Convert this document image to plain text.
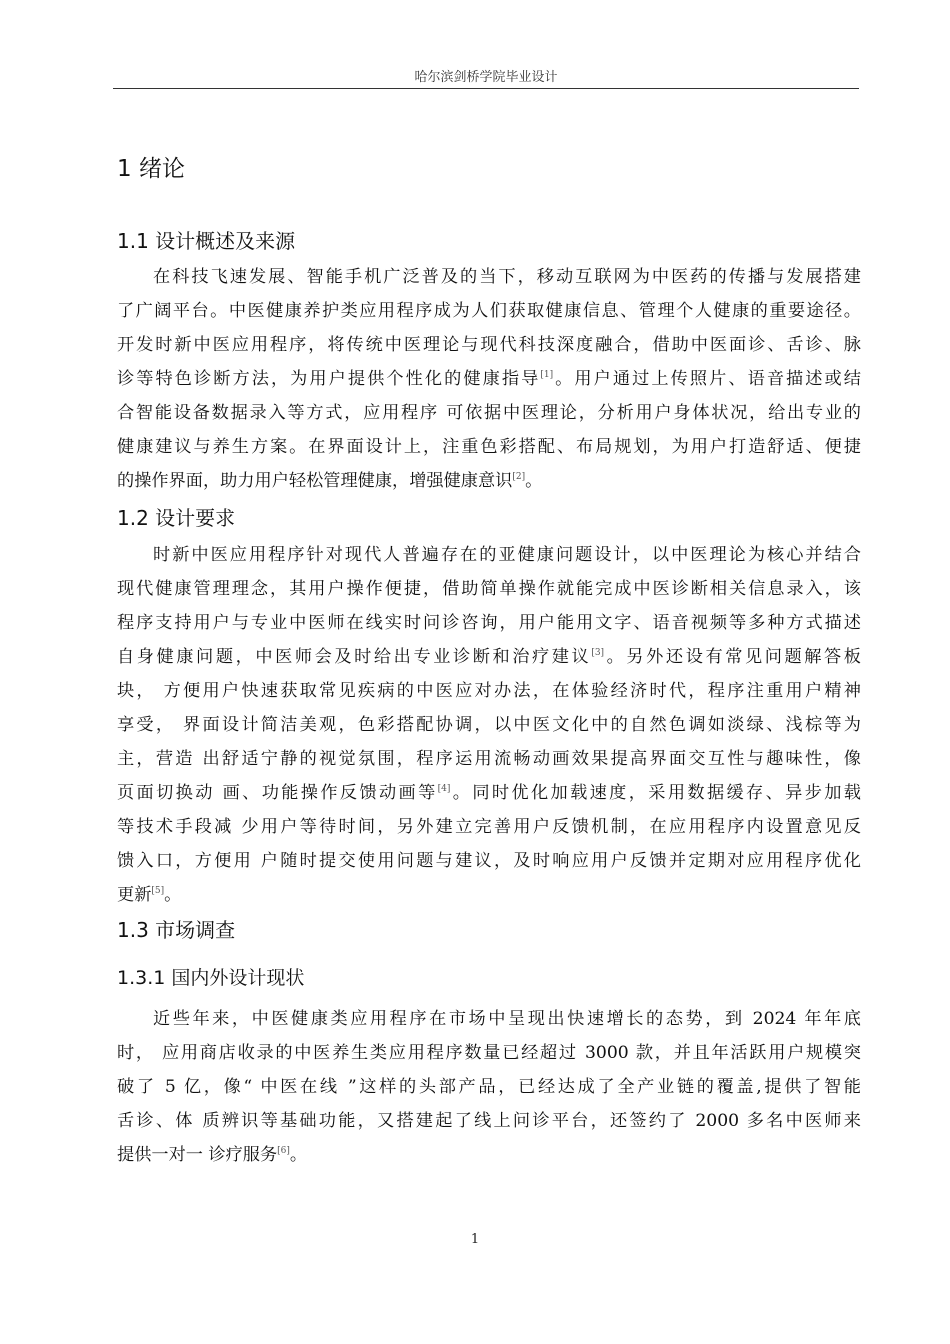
哈尔滨剑桥学院毕业设计
1 绪论
1.1 设计概述及来源
在科技飞速发展、智能手机广泛普及的当下，移动互联网为中医药的传播与发展搭建
了广阔平台。中医健康养护类应用程序成为人们获取健康信息、管理个人健康的重要途径。
开发时新中医应用程序，将传统中医理论与现代科技深度融合，借助中医面诊、舌诊、脉
诊等特色诊断方法，为用户提供个性化的健康指导[1]。用户通过上传照片、语音描述或结
合智能设备数据录入等方式，应用程序 可依据中医理论，分析用户身体状况，给出专业的
健康建议与养生方案。在界面设计上，注重色彩搭配、布局规划，为用户打造舒适、便捷
的操作界面，助力用户轻松管理健康，增强健康意识[2]。
1.2 设计要求
时新中医应用程序针对现代人普遍存在的亚健康问题设计，以中医理论为核心并结合
现代健康管理理念，其用户操作便捷，借助简单操作就能完成中医诊断相关信息录入，该
程序支持用户与专业中医师在线实时问诊咨询，用户能用文字、语音视频等多种方式描述
自身健康问题，中医师会及时给出专业诊断和治疗建议[3]。另外还设有常见问题解答板
块， 方便用户快速获取常见疾病的中医应对办法，在体验经济时代，程序注重用户精神
享受， 界面设计简洁美观，色彩搭配协调，以中医文化中的自然色调如淡绿、浅棕等为
主，营造 出舒适宁静的视觉氛围，程序运用流畅动画效果提高界面交互性与趣味性，像
页面切换动 画、功能操作反馈动画等[4]。同时优化加载速度，采用数据缓存、异步加载
等技术手段减 少用户等待时间，另外建立完善用户反馈机制，在应用程序内设置意见反
馈入口，方便用 户随时提交使用问题与建议，及时响应用户反馈并定期对应用程序优化
更新[5]。
1.3 市场调查
1.3.1 国内外设计现状
近些年来，中医健康类应用程序在市场中呈现出快速增长的态势，到 2024 年年底
时， 应用商店收录的中医养生类应用程序数量已经超过 3000 款，并且年活跃用户规模突
破了 5 亿，像“ 中医在线 ”这样的头部产品，已经达成了全产业链的覆盖,提供了智能
舌诊、体 质辨识等基础功能，又搭建起了线上问诊平台，还签约了 2000 多名中医师来
提供一对一 诊疗服务[6]。
1
